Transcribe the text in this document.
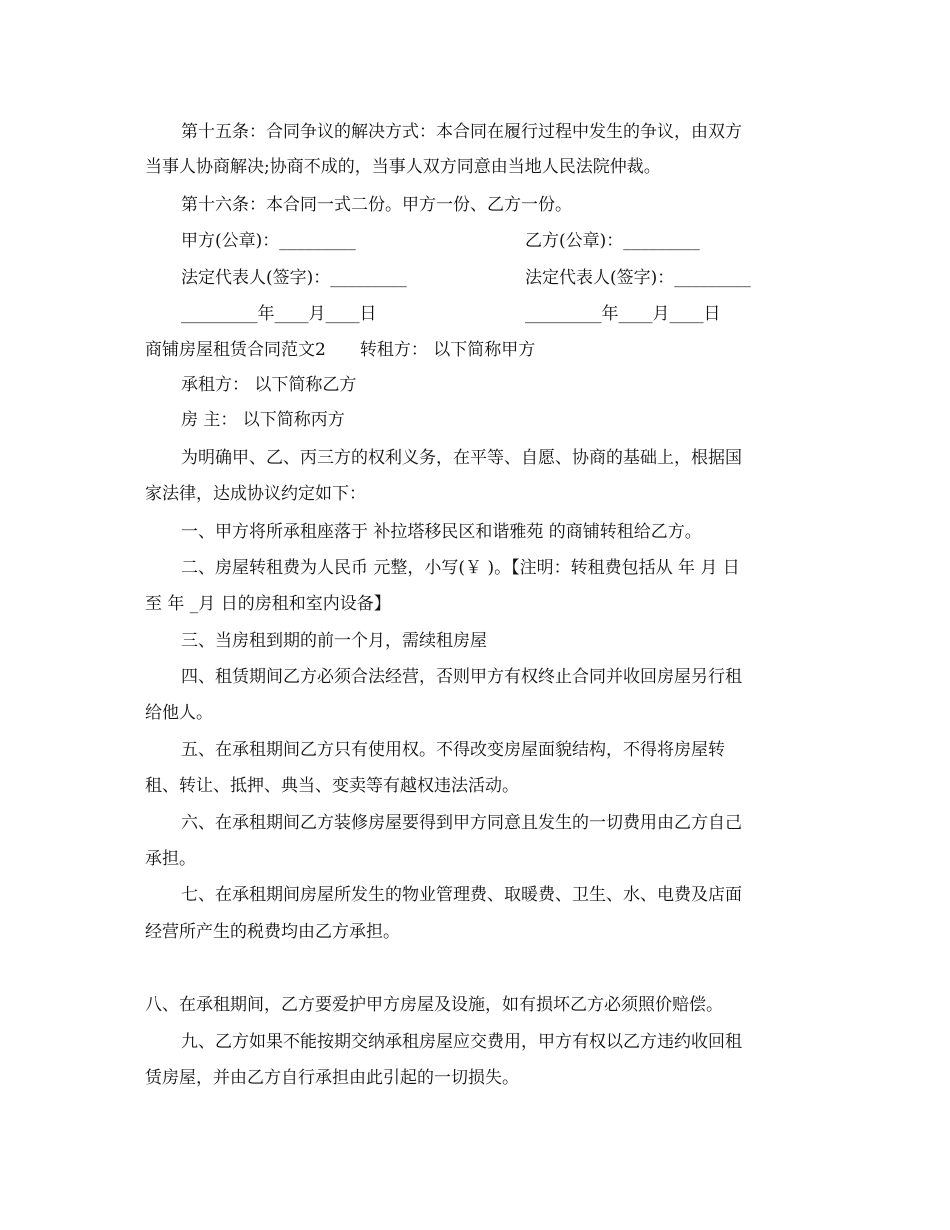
第十五条：合同争议的解决方式：本合同在履行过程中发生的争议，由双方
当事人协商解决;协商不成的，当事人双方同意由当地人民法院仲裁。
第十六条：本合同一式二份。甲方一份、乙方一份。
甲方(公章)：_________	乙方(公章)：_________
法定代表人(签字)：_________	法定代表人(签字)：_________
_________年____月____日	_________年____月____日
商铺房屋租赁合同范文2　　转租方： 以下简称甲方
承租方： 以下简称乙方
房 主： 以下简称丙方
为明确甲、乙、丙三方的权利义务，在平等、自愿、协商的基础上，根据国
家法律，达成协议约定如下：
一、甲方将所承租座落于 补拉塔移民区和谐雅苑 的商铺转租给乙方。
二、房屋转租费为人民币 元整，小写(￥ )。【注明：转租费包括从 年 月 日
至 年 _月 日的房租和室内设备】
三、当房租到期的前一个月，需续租房屋
四、租赁期间乙方必须合法经营，否则甲方有权终止合同并收回房屋另行租
给他人。
五、在承租期间乙方只有使用权。不得改变房屋面貌结构，不得将房屋转
租、转让、抵押、典当、变卖等有越权违法活动。
六、在承租期间乙方装修房屋要得到甲方同意且发生的一切费用由乙方自己
承担。
七、在承租期间房屋所发生的物业管理费、取暖费、卫生、水、电费及店面
经营所产生的税费均由乙方承担。
八、在承租期间，乙方要爱护甲方房屋及设施，如有损坏乙方必须照价赔偿。
九、乙方如果不能按期交纳承租房屋应交费用，甲方有权以乙方违约收回租
赁房屋，并由乙方自行承担由此引起的一切损失。
